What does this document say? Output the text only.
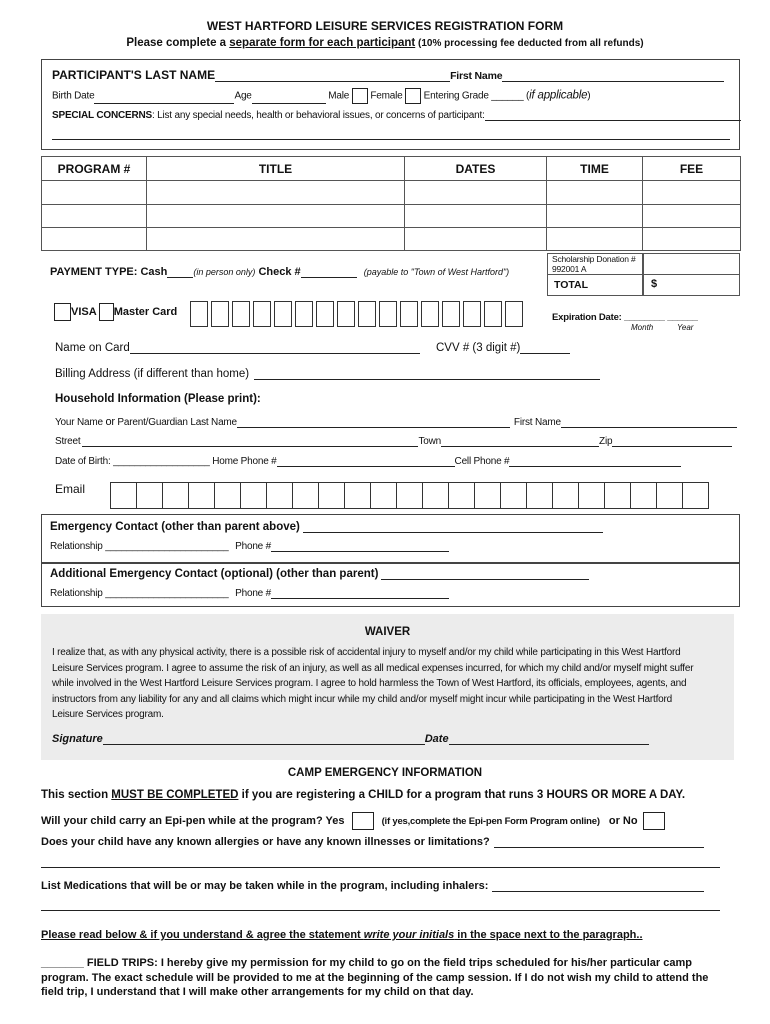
WEST HARTFORD LEISURE SERVICES REGISTRATION FORM
Please complete a separate form for each participant (10% processing fee deducted from all refunds)
PARTICIPANT'S LAST NAME	First Name
Birth Date	Age	Male Female Entering Grade ______ (if applicable)
SPECIAL CONCERNS: List any special needs, health or behavioral issues, or concerns of participant:
PROGRAM #	TITLE	DATES	TIME	FEE

Scholarship Donation # 992001 A
TOTAL	$
PAYMENT TYPE: Cash	(in person only) Check #	(payable to "Town of West Hartford")
VISA Master Card	Expiration Date: ________ ______
Month	Year
Name on Card	CVV # (3 digit #)
Billing Address (if different than home)
Household Information (Please print):
Your Name or Parent/Guardian Last Name	First Name
Street	Town	Zip
Date of Birth: __________________ Home Phone #	Cell Phone #
Email
Emergency Contact (other than parent above)
Relationship _______________________ Phone #
Additional Emergency Contact (optional) (other than parent)
Relationship _______________________ Phone #
WAIVER
I realize that, as with any physical activity, there is a possible risk of accidental injury to myself and/or my child while participating in this West Hartford
Leisure Services program. I agree to assume the risk of an injury, as well as all medical expenses incurred, for which my child and/or myself might suffer
while involved in the West Hartford Leisure Services program. I agree to hold harmless the Town of West Hartford, its officials, employees, agents, and
instructors from any liability for any and all claims which might incur while my child and/or myself might incur while participating in the West Hartford
Leisure Services program.
Signature	Date
CAMP EMERGENCY INFORMATION
This section MUST BE COMPLETED if you are registering a CHILD for a program that runs 3 HOURS OR MORE A DAY.
Will your child carry an Epi-pen while at the program? Yes	(if yes,complete the Epi-pen Form Program online) or No
Does your child have any known allergies or have any known illnesses or limitations?
List Medications that will be or may be taken while in the program, including inhalers:
Please read below & if you understand & agree the statement write your initials in the space next to the paragraph..
_______ FIELD TRIPS: I hereby give my permission for my child to go on the field trips scheduled for his/her particular camp
program. The exact schedule will be provided to me at the beginning of the camp session. If I do not wish my child to attend the
field trip, I understand that I will make other arrangements for my child on that day.
